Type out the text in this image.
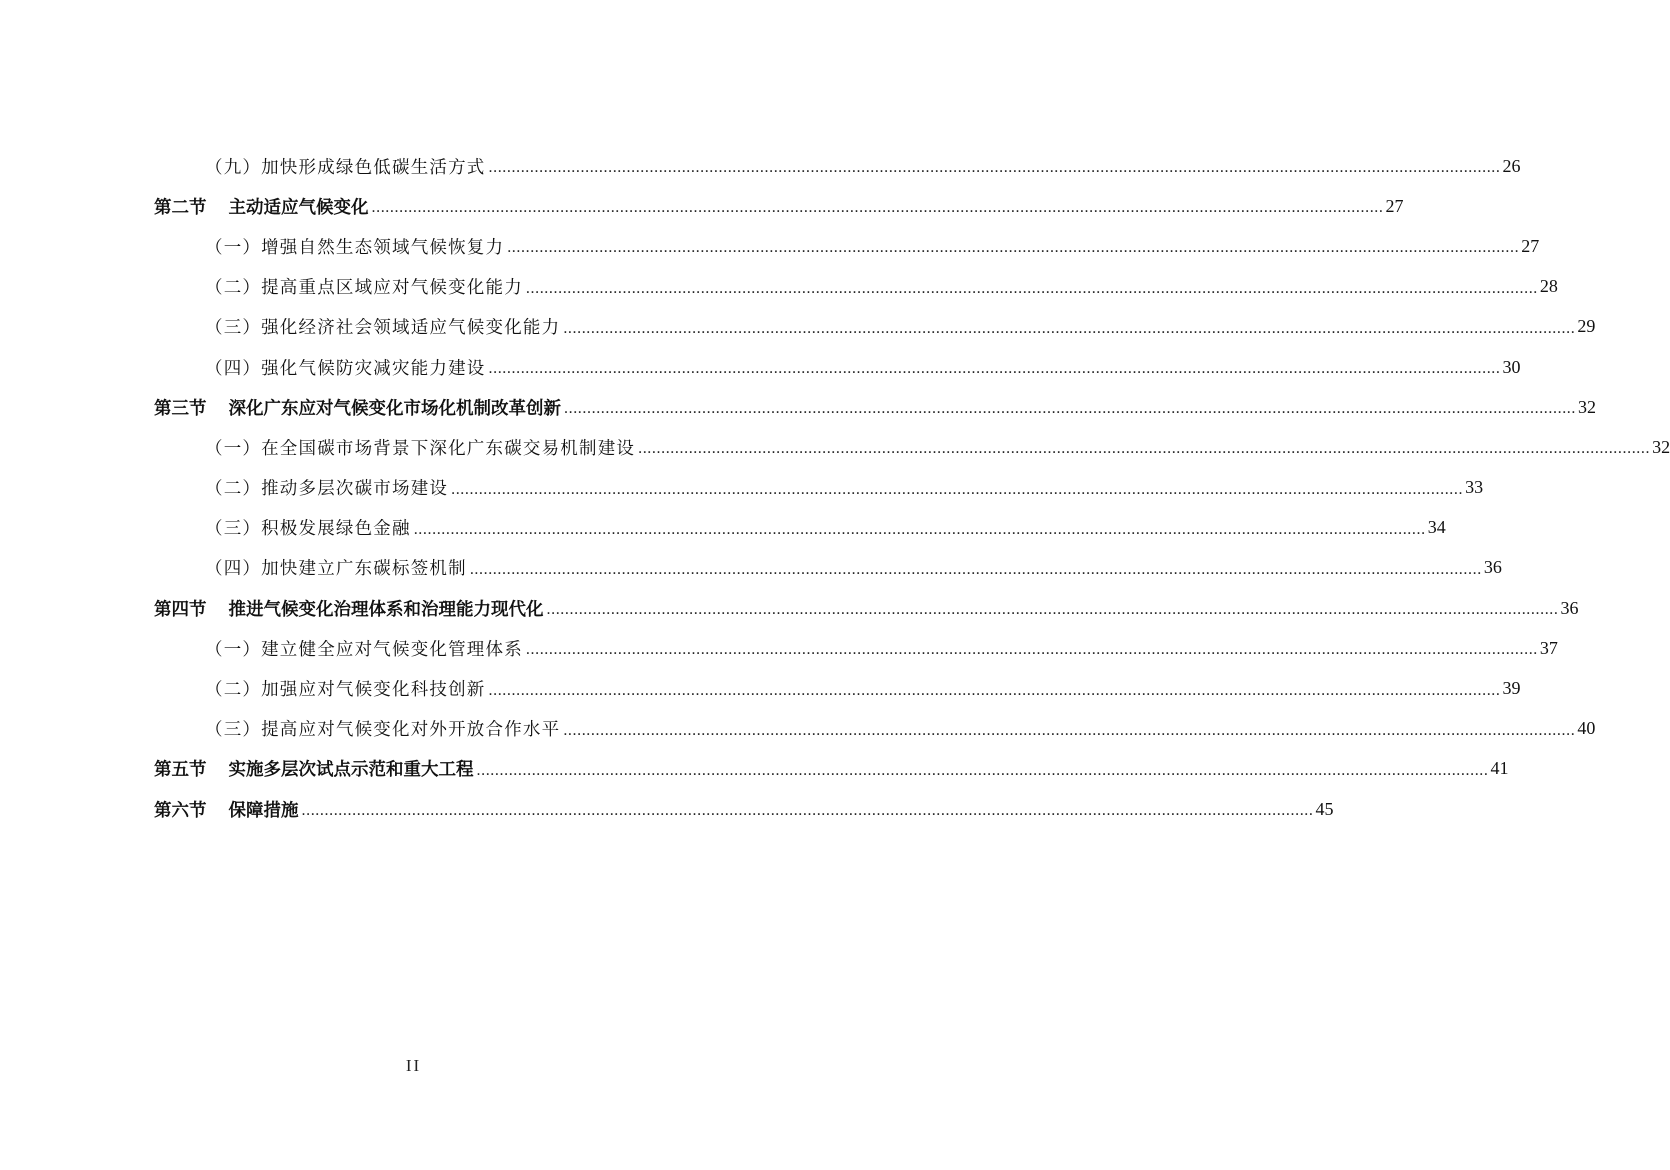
（九）加快形成绿色低碳生活方式 ............................................................................................................................................................................................................................ 26
第二节 主动适应气候变化 ............................................................................................................................................................................................................................ 27
（一）增强自然生态领域气候恢复力 ............................................................................................................................................................................................................................ 27
（二）提高重点区域应对气候变化能力 ............................................................................................................................................................................................................................ 28
（三）强化经济社会领域适应气候变化能力 ............................................................................................................................................................................................................................ 29
（四）强化气候防灾减灾能力建设 ............................................................................................................................................................................................................................ 30
第三节 深化广东应对气候变化市场化机制改革创新 ............................................................................................................................................................................................................................ 32
（一）在全国碳市场背景下深化广东碳交易机制建设 ............................................................................................................................................................................................................................ 32
（二）推动多层次碳市场建设 ............................................................................................................................................................................................................................ 33
（三）积极发展绿色金融 ............................................................................................................................................................................................................................ 34
（四）加快建立广东碳标签机制 ............................................................................................................................................................................................................................ 36
第四节 推进气候变化治理体系和治理能力现代化 ............................................................................................................................................................................................................................ 36
（一）建立健全应对气候变化管理体系 ............................................................................................................................................................................................................................ 37
（二）加强应对气候变化科技创新 ............................................................................................................................................................................................................................ 39
（三）提高应对气候变化对外开放合作水平 ............................................................................................................................................................................................................................ 40
第五节 实施多层次试点示范和重大工程 ............................................................................................................................................................................................................................ 41
第六节 保障措施 ............................................................................................................................................................................................................................ 45
II
